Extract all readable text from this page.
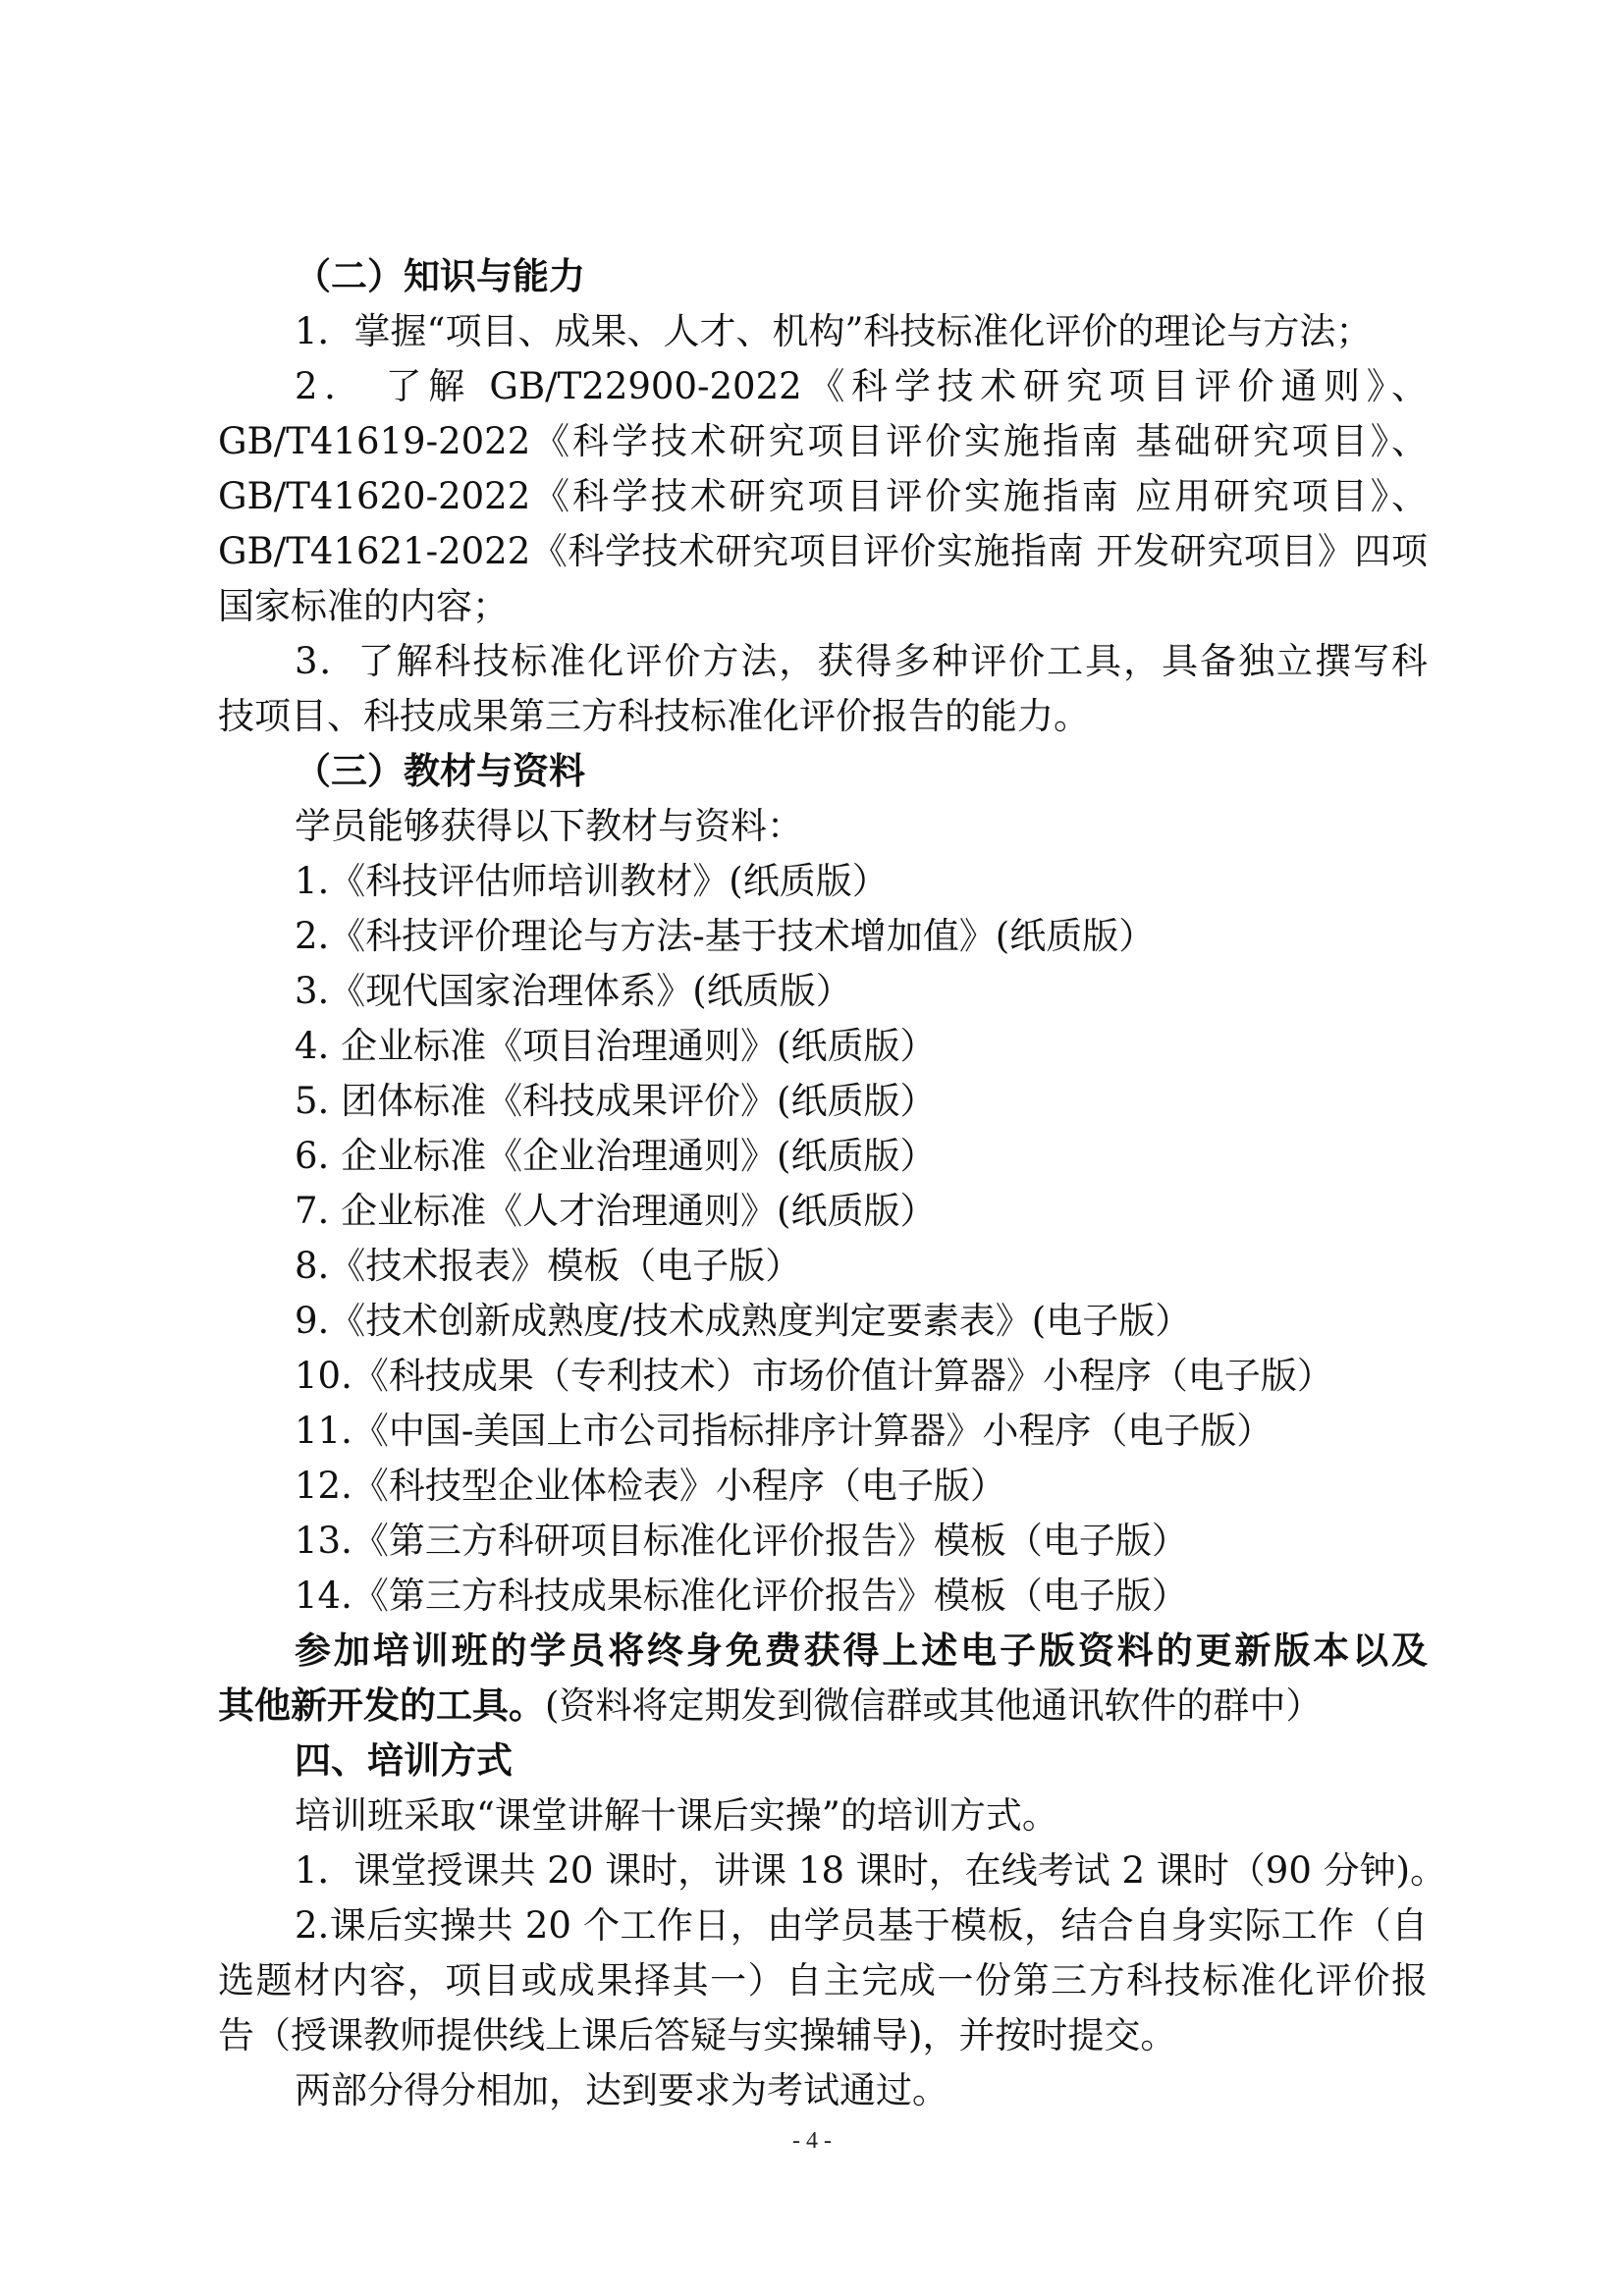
（二）知识与能力
1．掌握“项目、成果、人才、机构”科技标准化评价的理论与方法；
2． 了解 GB/T22900-2022《科学技术研究项目评价通则》、
GB/T41619-2022《科学技术研究项目评价实施指南 基础研究项目》、
GB/T41620-2022《科学技术研究项目评价实施指南 应用研究项目》、
GB/T41621-2022《科学技术研究项目评价实施指南 开发研究项目》四项
国家标准的内容；
3．了解科技标准化评价方法，获得多种评价工具，具备独立撰写科
技项目、科技成果第三方科技标准化评价报告的能力。
（三）教材与资料
学员能够获得以下教材与资料：
1.《科技评估师培训教材》(纸质版）
2.《科技评价理论与方法-基于技术增加值》(纸质版）
3.《现代国家治理体系》(纸质版）
4. 企业标准《项目治理通则》(纸质版）
5. 团体标准《科技成果评价》(纸质版）
6. 企业标准《企业治理通则》(纸质版）
7. 企业标准《人才治理通则》(纸质版）
8.《技术报表》模板（电子版）
9.《技术创新成熟度/技术成熟度判定要素表》(电子版）
10.《科技成果（专利技术）市场价值计算器》小程序（电子版）
11.《中国-美国上市公司指标排序计算器》小程序（电子版）
12.《科技型企业体检表》小程序（电子版）
13.《第三方科研项目标准化评价报告》模板（电子版）
14.《第三方科技成果标准化评价报告》模板（电子版）
参加培训班的学员将终身免费获得上述电子版资料的更新版本以及
其他新开发的工具。(资料将定期发到微信群或其他通讯软件的群中）
四、培训方式
培训班采取“课堂讲解十课后实操”的培训方式。
1．课堂授课共 20 课时，讲课 18 课时，在线考试 2 课时（90 分钟)。
2.课后实操共 20 个工作日，由学员基于模板，结合自身实际工作（自
选题材内容，项目或成果择其一）自主完成一份第三方科技标准化评价报
告（授课教师提供线上课后答疑与实操辅导)，并按时提交。
两部分得分相加，达到要求为考试通过。
- 4 -
